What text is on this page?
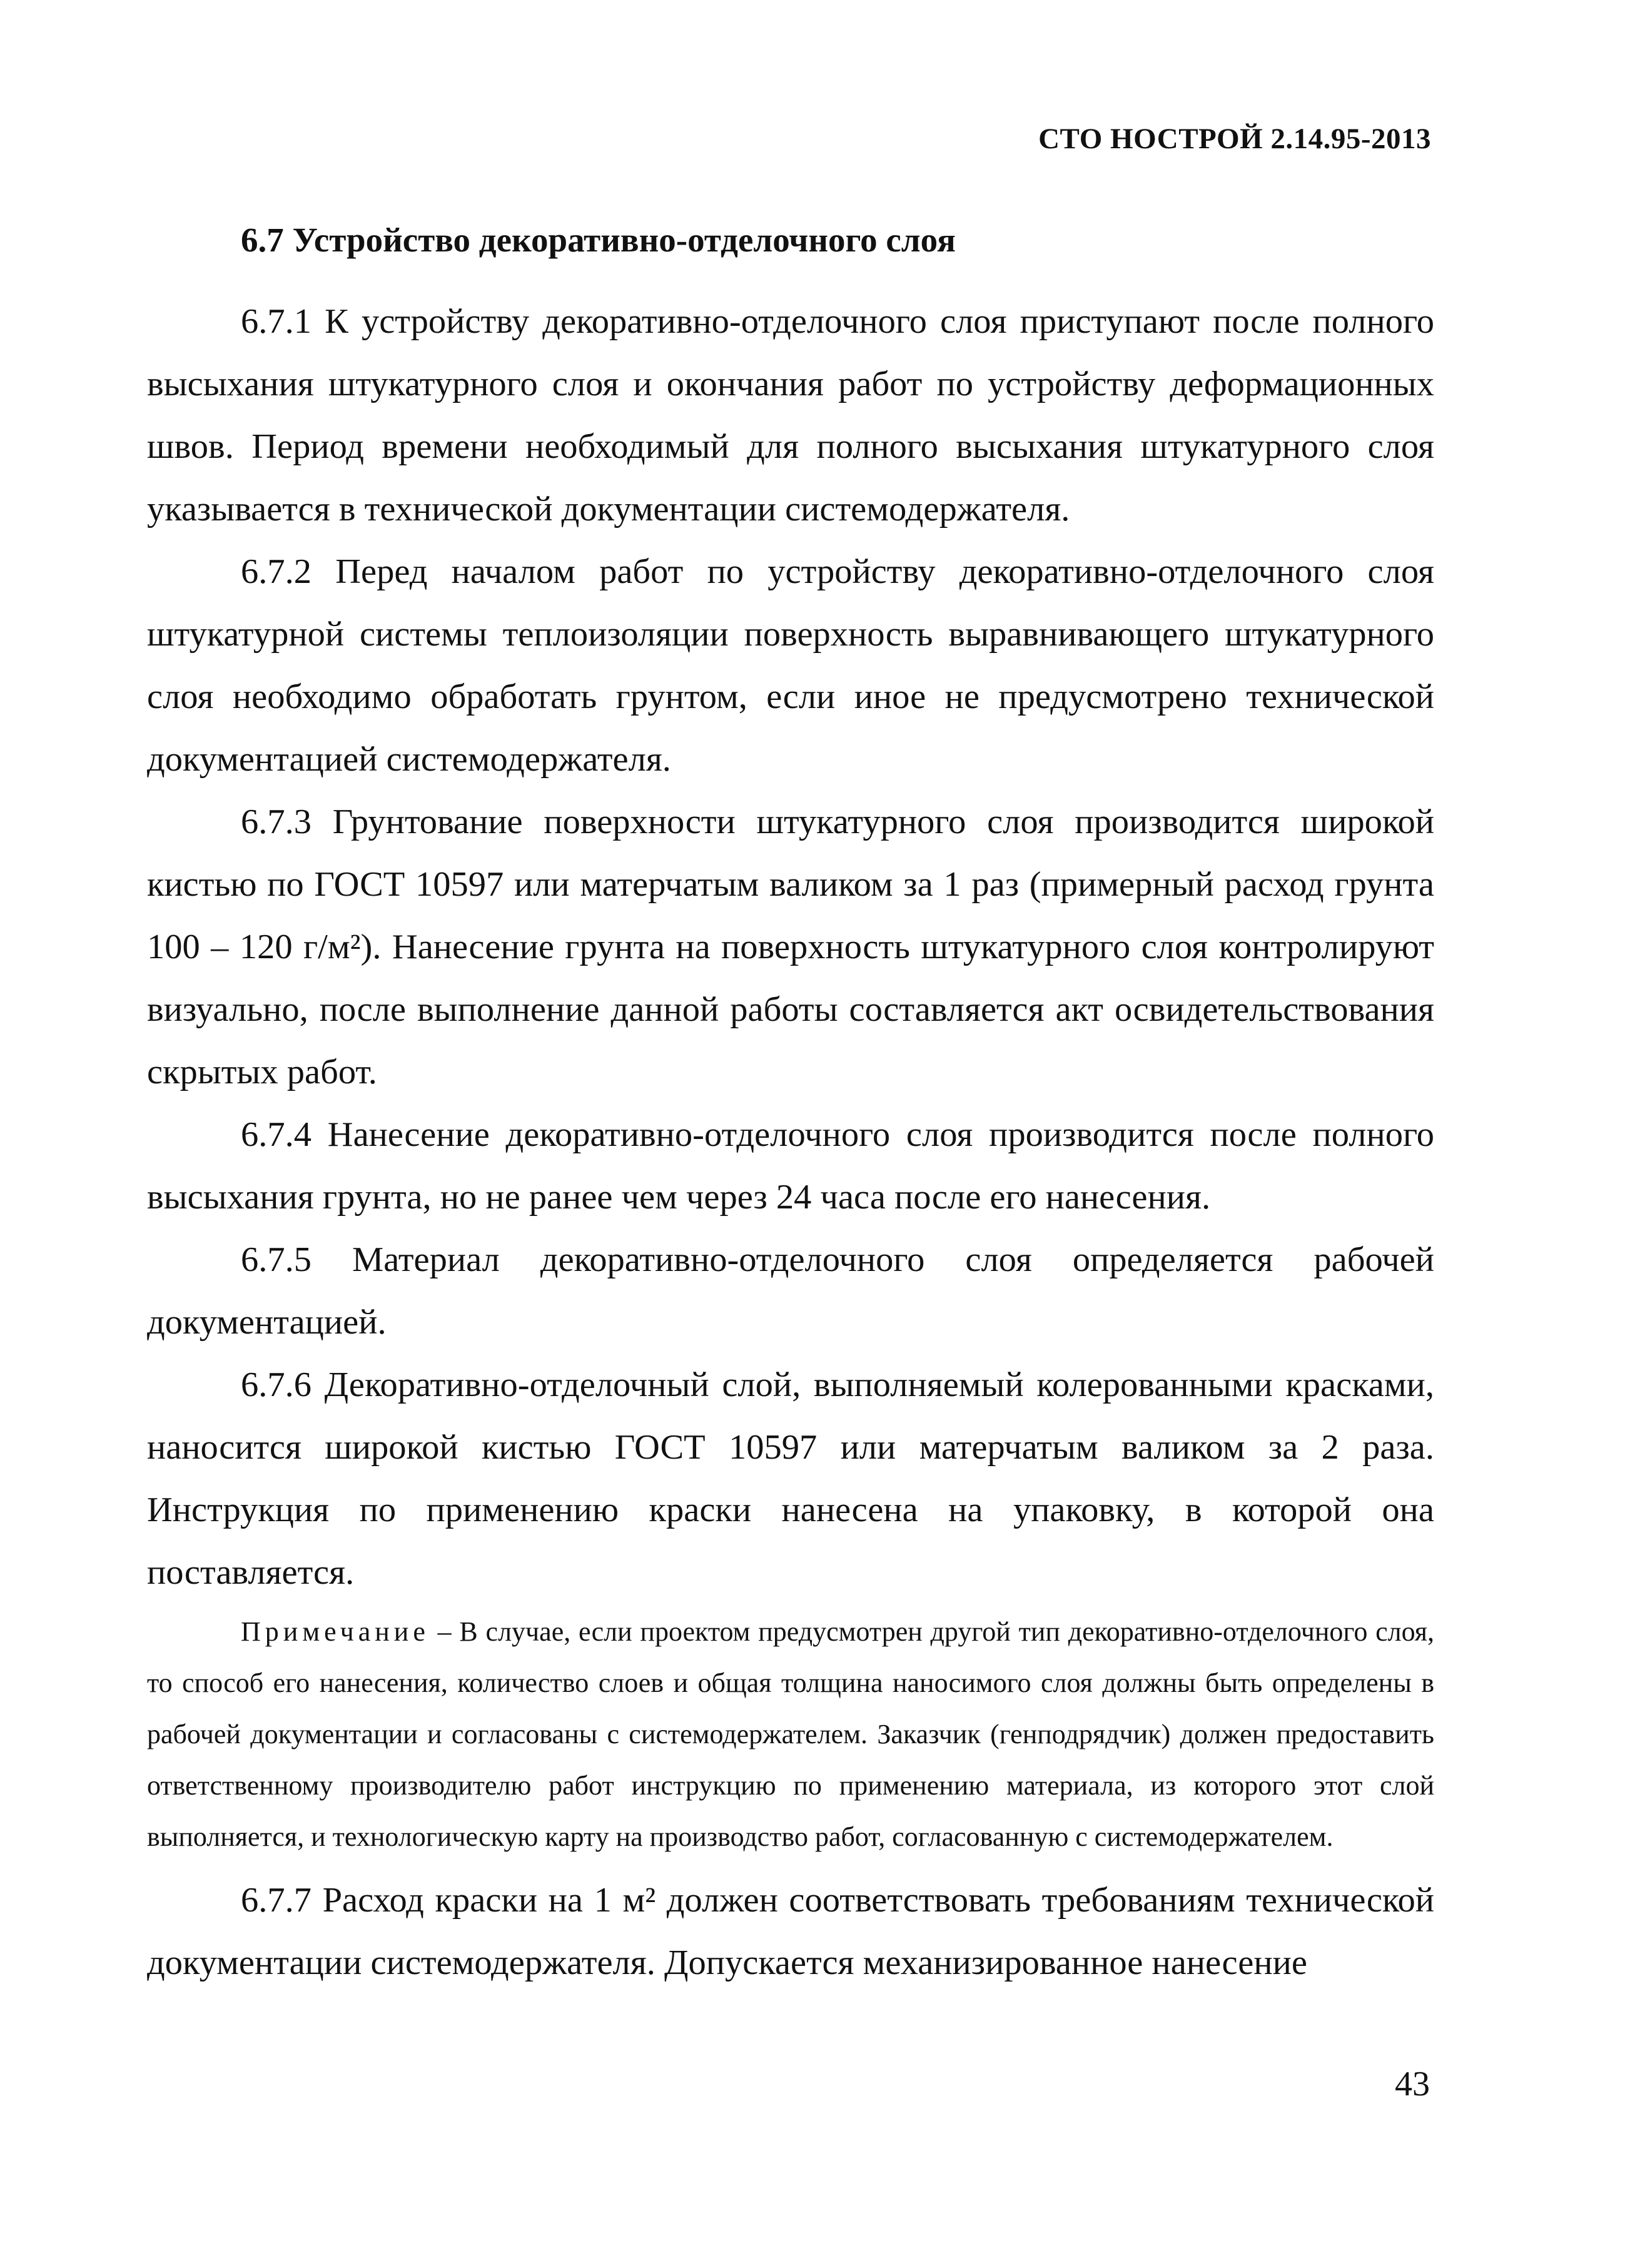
СТО НОСТРОЙ 2.14.95-2013
6.7 Устройство декоративно-отделочного слоя

6.7.1 К устройству декоративно-отделочного слоя приступают после полного высыхания штукатурного слоя и окончания работ по устройству деформационных швов. Период времени необходимый для полного высыхания штукатурного слоя указывается в технической документации системодержателя.

6.7.2 Перед началом работ по устройству декоративно-отделочного слоя штукатурной системы теплоизоляции поверхность выравнивающего штукатурного слоя необходимо обработать грунтом, если иное не предусмотрено технической документацией системодержателя.

6.7.3 Грунтование поверхности штукатурного слоя производится широкой кистью по ГОСТ 10597 или матерчатым валиком за 1 раз (примерный расход грунта 100 – 120 г/м²). Нанесение грунта на поверхность штукатурного слоя контролируют визуально, после выполнение данной работы составляется акт освидетельствования скрытых работ.

6.7.4 Нанесение декоративно-отделочного слоя производится после полного высыхания грунта, но не ранее чем через 24 часа после его нанесения.

6.7.5 Материал декоративно-отделочного слоя определяется рабочей документацией.

6.7.6 Декоративно-отделочный слой, выполняемый колерованными красками, наносится широкой кистью ГОСТ 10597 или матерчатым валиком за 2 раза. Инструкция по применению краски нанесена на упаковку, в которой она поставляется.

Примечание – В случае, если проектом предусмотрен другой тип декоративно-отделочного слоя, то способ его нанесения, количество слоев и общая толщина наносимого слоя должны быть определены в рабочей документации и согласованы с системодержателем. Заказчик (генподрядчик) должен предоставить ответственному производителю работ инструкцию по применению материала, из которого этот слой выполняется, и технологическую карту на производство работ, согласованную с системодержателем.

6.7.7 Расход краски на 1 м² должен соответствовать требованиям технической документации системодержателя. Допускается механизированное нанесение

43
